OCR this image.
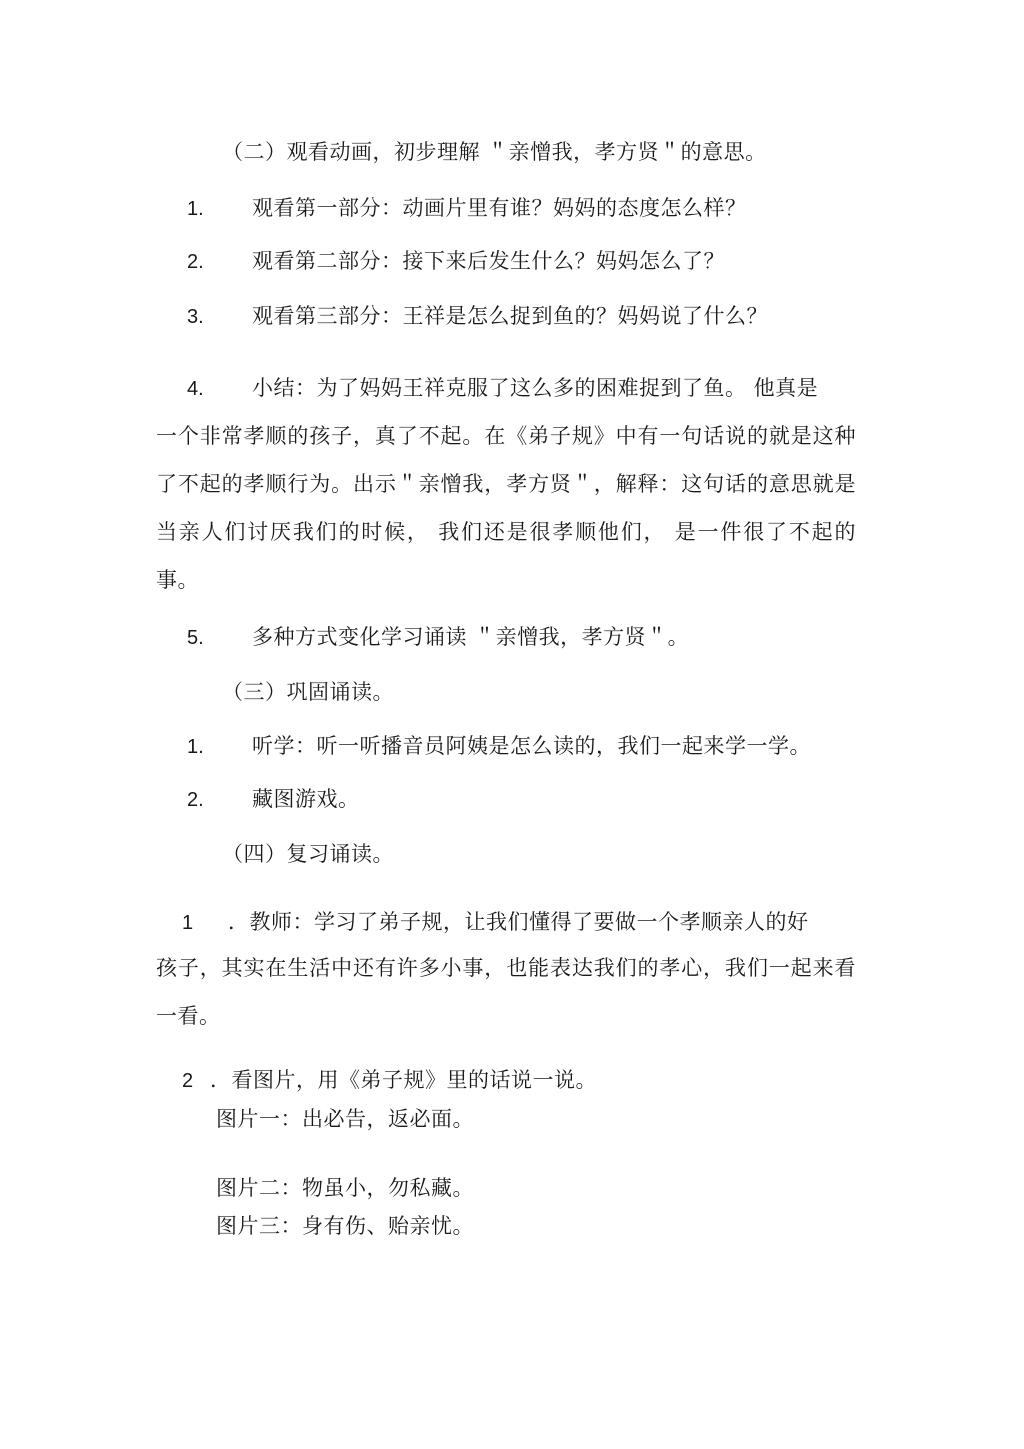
（二）观看动画，初步理解 ＂亲憎我，孝方贤＂的意思。
1. 观看第一部分：动画片里有谁？妈妈的态度怎么样？
2. 观看第二部分：接下来后发生什么？妈妈怎么了？
3. 观看第三部分：王祥是怎么捉到鱼的？妈妈说了什么？
4. 小结：为了妈妈王祥克服了这么多的困难捉到了鱼。 他真是
一个非常孝顺的孩子，真了不起。在《弟子规》中有一句话说的就是这种了不起的孝顺行为。出示＂亲憎我，孝方贤＂，解释：这句话的意思就是当亲人们讨厌我们的时候， 我们还是很孝顺他们， 是一件很了不起的事。
5. 多种方式变化学习诵读 ＂亲憎我，孝方贤＂。
（三）巩固诵读。
1. 听学：听一听播音员阿姨是怎么读的，我们一起来学一学。
2. 藏图游戏。
（四）复习诵读。
1 ．教师：学习了弟子规，让我们懂得了要做一个孝顺亲人的好
孩子，其实在生活中还有许多小事，也能表达我们的孝心，我们一起来看一看。
2 ．看图片，用《弟子规》里的话说一说。
图片一：出必告，返必面。
图片二：物虽小，勿私藏。
图片三：身有伤、贻亲忧。
